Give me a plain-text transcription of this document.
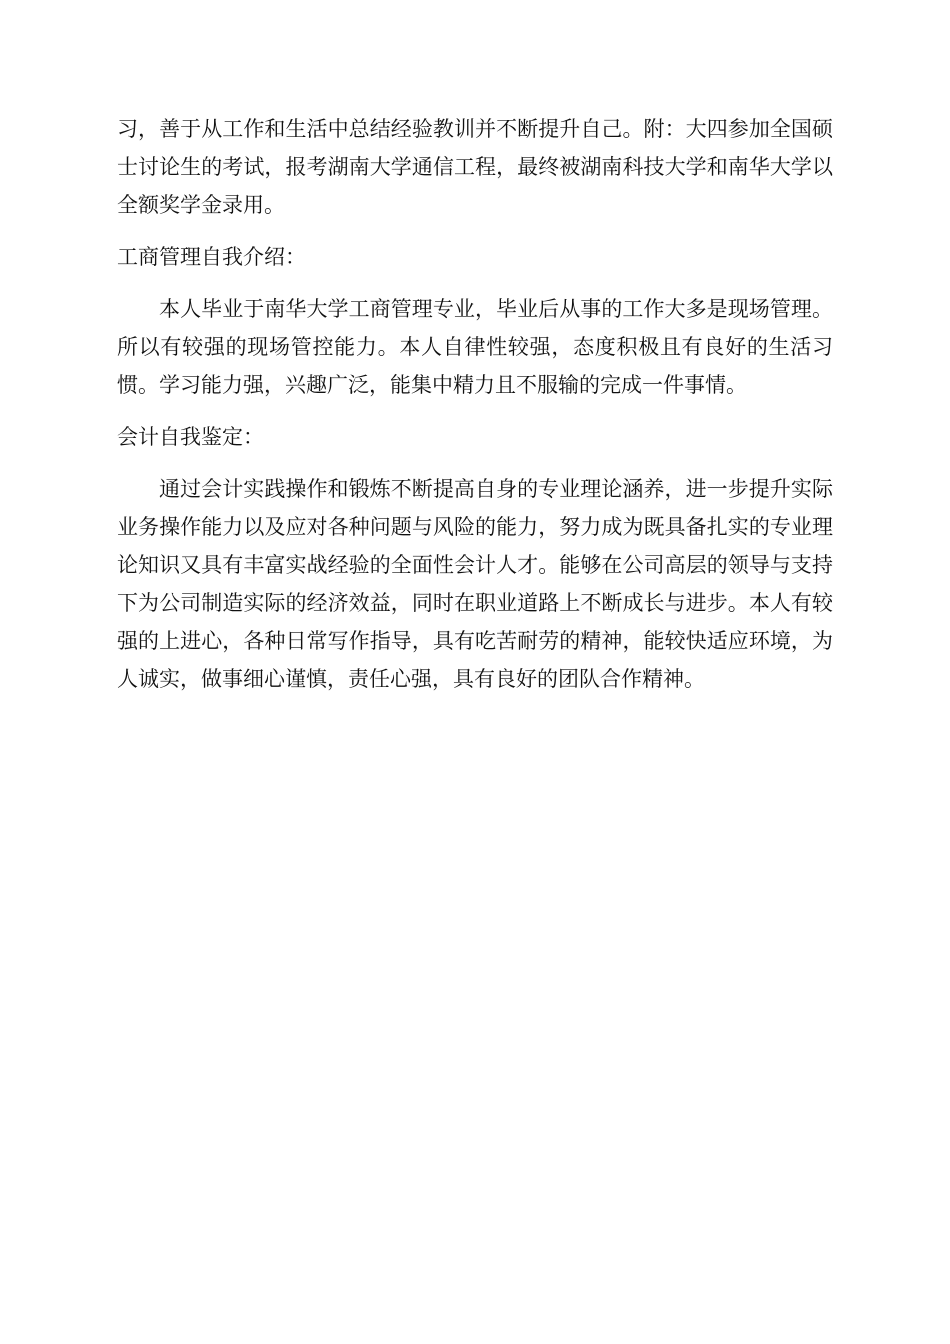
习，善于从工作和生活中总结经验教训并不断提升自己。附：大四参加全国硕士讨论生的考试，报考湖南大学通信工程，最终被湖南科技大学和南华大学以全额奖学金录用。

工商管理自我介绍：

本人毕业于南华大学工商管理专业，毕业后从事的工作大多是现场管理。所以有较强的现场管控能力。本人自律性较强，态度积极且有良好的生活习惯。学习能力强，兴趣广泛，能集中精力且不服输的完成一件事情。

会计自我鉴定：

通过会计实践操作和锻炼不断提高自身的专业理论涵养，进一步提升实际业务操作能力以及应对各种问题与风险的能力，努力成为既具备扎实的专业理论知识又具有丰富实战经验的全面性会计人才。能够在公司高层的领导与支持下为公司制造实际的经济效益，同时在职业道路上不断成长与进步。本人有较强的上进心，各种日常写作指导，具有吃苦耐劳的精神，能较快适应环境，为人诚实，做事细心谨慎，责任心强，具有良好的团队合作精神。
